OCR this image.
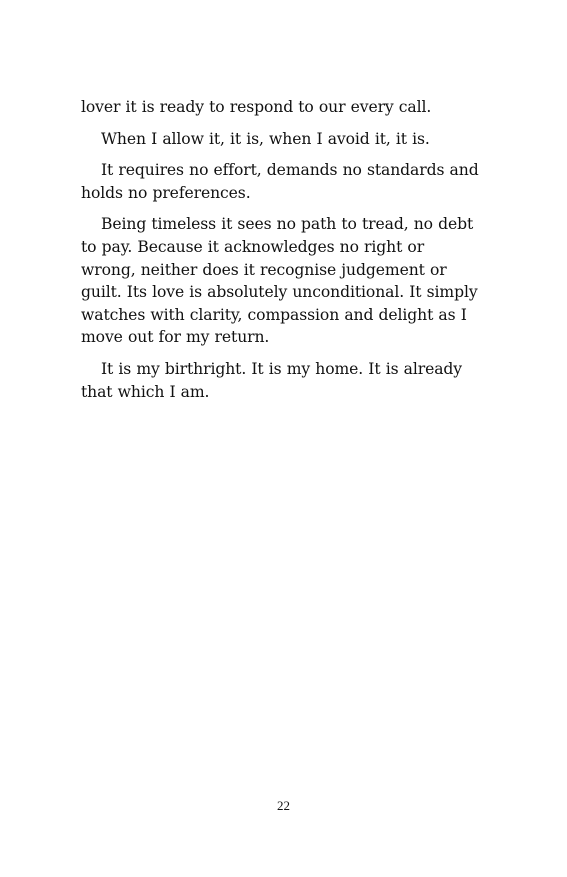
lover it is ready to respond to our every call.

When I allow it, it is, when I avoid it, it is.

It requires no effort, demands no standards and holds no preferences.

Being timeless it sees no path to tread, no debt to pay. Because it acknowledges no right or wrong, neither does it recognise judgement or guilt. Its love is absolutely unconditional. It simply watches with clarity, compassion and delight as I move out for my return.

It is my birthright. It is my home. It is already that which I am.

22
